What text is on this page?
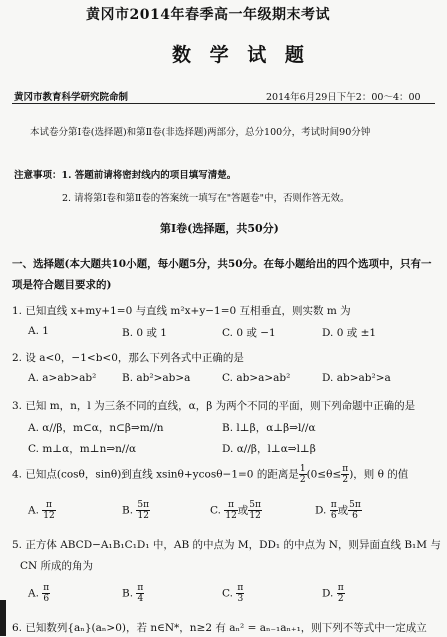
黄冈市2014年春季高一年级期末考试
数 学 试 题
黄冈市教育科学研究院命制	2014年6月29日下午2：00～4：00
本试卷分第Ⅰ卷(选择题)和第Ⅱ卷(非选择题)两部分，总分100分，考试时间90分钟
注意事项：1. 答题前请将密封线内的项目填写清楚。
2. 请将第Ⅰ卷和第Ⅱ卷的答案统一填写在"答题卷"中，否则作答无效。
第Ⅰ卷(选择题，共50分)
一、选择题(本大题共10小题，每小题5分，共50分。在每小题给出的四个选项中，只有一
项是符合题目要求的)
1. 已知直线 x+my+1=0 与直线 m²x+y−1=0 互相垂直，则实数 m 为
A. 1	B. 0 或 1	C. 0 或 −1	D. 0 或 ±1
2. 设 a<0，−1<b<0，那么下列各式中正确的是
A. a>ab>ab² B. ab²>ab>a	C. ab>a>ab²	D. ab>ab²>a
3. 已知 m，n，l 为三条不同的直线，α，β 为两个不同的平面，则下列命题中正确的是
A. α//β，m⊂α，n⊂β⇒m//n	B. l⊥β，α⊥β⇒l//α
C. m⊥α，m⊥n⇒n//α	D. α//β，l⊥α⇒l⊥β
4. 已知点(cosθ，sinθ)到直线 xsinθ+ycosθ−1=0 的距离是 $\frac{1}{2} (0\le\theta\le \frac{\pi}{2}$ )，则 θ 的值
A. $\frac{\pi}{12}$	B. $\frac{5\pi}{12}$	C. $\frac{\pi}{12}$ 或 $\frac{5\pi}{12}$	D. $\frac{\pi}{6}$ 或 $\frac{5\pi}{6}$
5. 正方体 ABCD−A₁B₁C₁D₁ 中，AB 的中点为 M，DD₁ 的中点为 N，则异面直线 B₁M 与
CN 所成的角为
A. $\frac{\pi}{6}$	B. $\frac{\pi}{4}$	C. $\frac{\pi}{3}$	D. $\frac{\pi}{2}$
6. 已知数列{aₙ}(aₙ>0)，若 n∈N*，n≥2 有 aₙ² = aₙ₋₁aₙ₊₁，则下列不等式中一定成立
